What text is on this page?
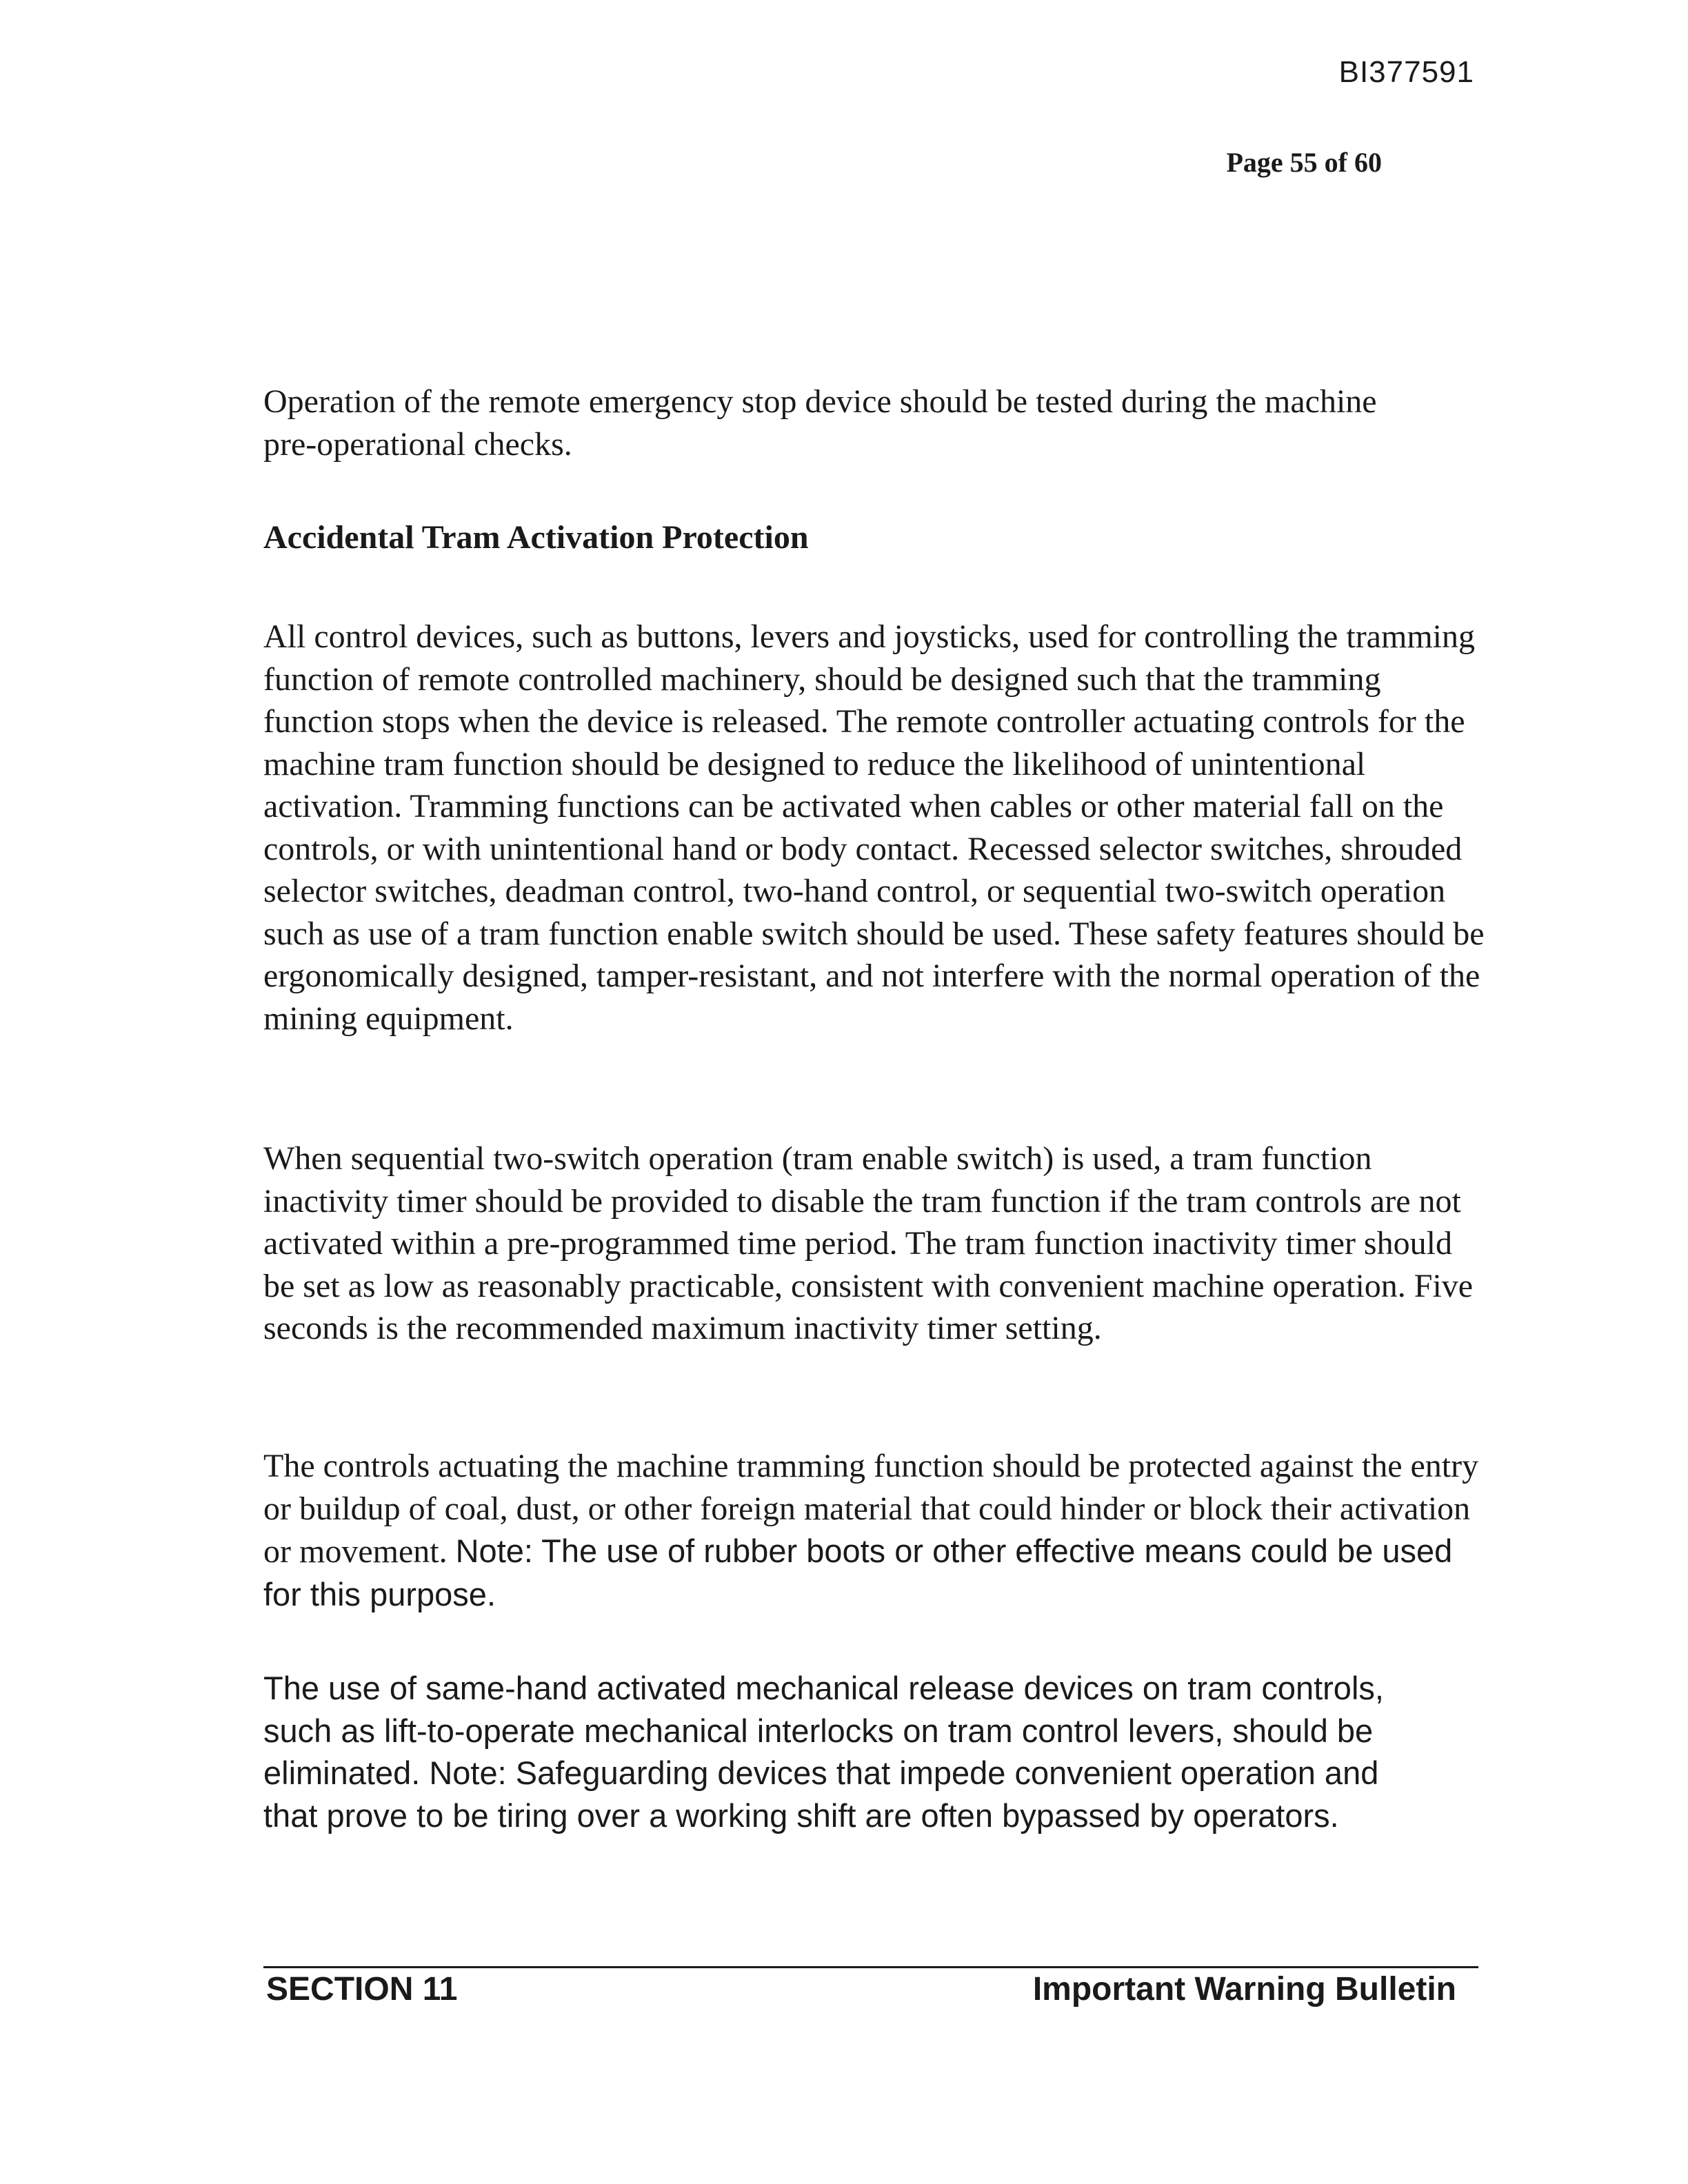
BI377591
Page 55 of 60

Operation of the remote emergency stop device should be tested during the machine pre-operational checks.

Accidental Tram Activation Protection

All control devices, such as buttons, levers and joysticks, used for controlling the tramming function of remote controlled machinery, should be designed such that the tramming function stops when the device is released. The remote controller actuating controls for the machine tram function should be designed to reduce the likelihood of unintentional activation. Tramming functions can be activated when cables or other material fall on the controls, or with unintentional hand or body contact. Recessed selector switches, shrouded selector switches, deadman control, two-hand control, or sequential two-switch operation such as use of a tram function enable switch should be used. These safety features should be ergonomically designed, tamper-resistant, and not interfere with the normal operation of the mining equipment.

When sequential two-switch operation (tram enable switch) is used, a tram function inactivity timer should be provided to disable the tram function if the tram controls are not activated within a pre-programmed time period. The tram function inactivity timer should be set as low as reasonably practicable, consistent with convenient machine operation. Five seconds is the recommended maximum inactivity timer setting.

The controls actuating the machine tramming function should be protected against the entry or buildup of coal, dust, or other foreign material that could hinder or block their activation or movement. Note: The use of rubber boots or other effective means could be used for this purpose.

The use of same-hand activated mechanical release devices on tram controls, such as lift-to-operate mechanical interlocks on tram control levers, should be eliminated. Note: Safeguarding devices that impede convenient operation and that prove to be tiring over a working shift are often bypassed by operators.

SECTION 11	Important Warning Bulletin
